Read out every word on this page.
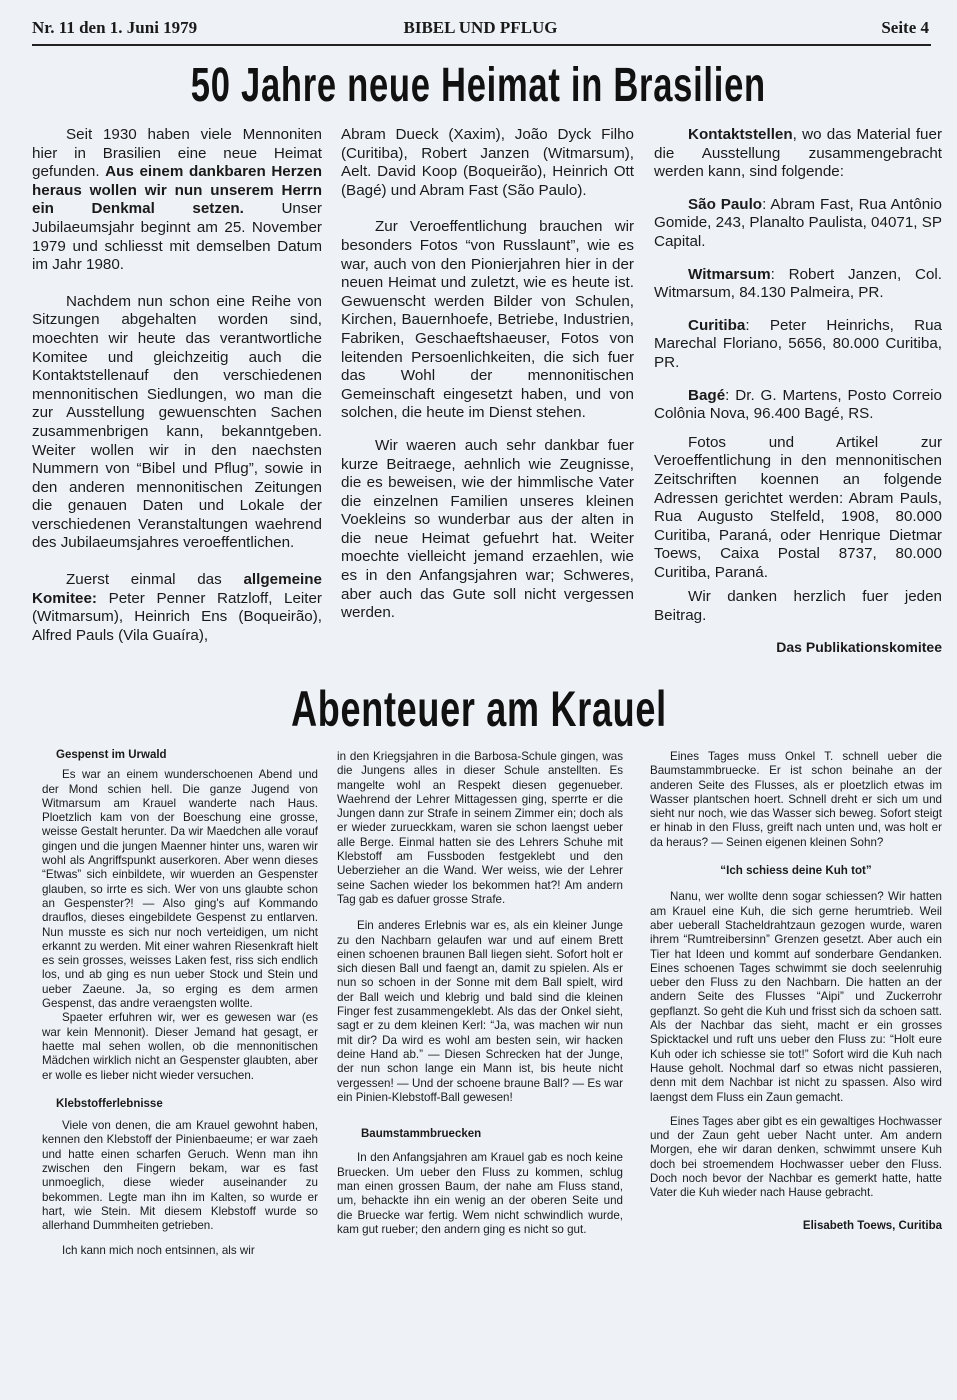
Nr. 11 den 1. Juni 1979	BIBEL UND PFLUG	Seite 4
50 Jahre neue Heimat in Brasilien

Seit 1930 haben viele Mennoniten hier in Brasilien eine neue Heimat gefunden. Aus einem dankbaren Herzen heraus wollen wir nun unserem Herrn ein Denkmal setzen. Unser Jubilaeumsjahr beginnt am 25. November 1979 und schliesst mit demselben Datum im Jahr 1980.

Nachdem nun schon eine Reihe von Sitzungen abgehalten worden sind, moechten wir heute das verantwortliche Komitee und gleichzeitig auch die Kontaktstellenauf den verschiedenen mennonitischen Siedlungen, wo man die zur Ausstellung gewuenschten Sachen zusammenbrigen kann, bekanntgeben. Weiter wollen wir in den naechsten Nummern von “Bibel und Pflug”, sowie in den anderen mennonitischen Zeitungen die genauen Daten und Lokale der verschiedenen Veranstaltungen waehrend des Jubilaeumsjahres veroeffentlichen.

Zuerst einmal das allgemeine Komitee: Peter Penner Ratzloff, Leiter (Witmarsum), Heinrich Ens (Boqueirão), Alfred Pauls (Vila Guaíra),

Abram Dueck (Xaxim), João Dyck Filho (Curitiba), Robert Janzen (Witmarsum), Aelt. David Koop (Boqueirão), Heinrich Ott (Bagé) und Abram Fast (São Paulo).

Zur Veroeffentlichung brauchen wir besonders Fotos “von Russlaunt”, wie es war, auch von den Pionierjahren hier in der neuen Heimat und zuletzt, wie es heute ist. Gewuenscht werden Bilder von Schulen, Kirchen, Bauernhoefe, Betriebe, Industrien, Fabriken, Geschaeftshaeuser, Fotos von leitenden Persoenlichkeiten, die sich fuer das Wohl der mennonitischen Gemeinschaft eingesetzt haben, und von solchen, die heute im Dienst stehen.

Wir waeren auch sehr dankbar fuer kurze Beitraege, aehnlich wie Zeugnisse, die es beweisen, wie der himmlische Vater die einzelnen Familien unseres kleinen Voekleins so wunderbar aus der alten in die neue Heimat gefuehrt hat. Weiter moechte vielleicht jemand erzaehlen, wie es in den Anfangsjahren war; Schweres, aber auch das Gute soll nicht vergessen werden.

Kontaktstellen, wo das Material fuer die Ausstellung zusammengebracht werden kann, sind folgende:

São Paulo: Abram Fast, Rua Antônio Gomide, 243, Planalto Paulista, 04071, SP Capital.

Witmarsum: Robert Janzen, Col. Witmarsum, 84.130 Palmeira, PR.

Curitiba: Peter Heinrichs, Rua Marechal Floriano, 5656, 80.000 Curitiba, PR.

Bagé: Dr. G. Martens, Posto Correio Colônia Nova, 96.400 Bagé, RS.

Fotos und Artikel zur Veroeffentlichung in den mennonitischen Zeitschriften koennen an folgende Adressen gerichtet werden: Abram Pauls, Rua Augusto Stelfeld, 1908, 80.000 Curitiba, Paraná, oder Henrique Dietmar Toews, Caixa Postal 8737, 80.000 Curitiba, Paraná.

Wir danken herzlich fuer jeden Beitrag.

Das Publikationskomitee

Abenteuer am Krauel

Gespenst im Urwald

Es war an einem wunderschoenen Abend und der Mond schien hell. Die ganze Jugend von Witmarsum am Krauel wanderte nach Haus. Ploetzlich kam von der Boeschung eine grosse, weisse Gestalt herunter. Da wir Maedchen alle vorauf gingen und die jungen Maenner hinter uns, waren wir wohl als Angriffspunkt auserkoren. Aber wenn dieses “Etwas” sich einbildete, wir wuerden an Gespenster glauben, so irrte es sich. Wer von uns glaubte schon an Gespenster?! — Also ging's auf Kommando drauflos, dieses eingebildete Gespenst zu entlarven. Nun musste es sich nur noch verteidigen, um nicht erkannt zu werden. Mit einer wahren Riesenkraft hielt es sein grosses, weisses Laken fest, riss sich endlich los, und ab ging es nun ueber Stock und Stein und ueber Zaeune. Ja, so erging es dem armen Gespenst, das andre veraengsten wollte.

Spaeter erfuhren wir, wer es gewesen war (es war kein Mennonit). Dieser Jemand hat gesagt, er haette mal sehen wollen, ob die mennonitischen Mädchen wirklich nicht an Gespenster glaubten, aber er wolle es lieber nicht wieder versuchen.

Klebstofferlebnisse

Viele von denen, die am Krauel gewohnt haben, kennen den Klebstoff der Pinienbaeume; er war zaeh und hatte einen scharfen Geruch. Wenn man ihn zwischen den Fingern bekam, war es fast unmoeglich, diese wieder auseinander zu bekommen. Legte man ihn im Kalten, so wurde er hart, wie Stein. Mit diesem Klebstoff wurde so allerhand Dummheiten getrieben.

Ich kann mich noch entsinnen, als wir

in den Kriegsjahren in die Barbosa-Schule gingen, was die Jungens alles in dieser Schule anstellten. Es mangelte wohl an Respekt diesen gegenueber. Waehrend der Lehrer Mittagessen ging, sperrte er die Jungen dann zur Strafe in seinem Zimmer ein; doch als er wieder zurueckkam, waren sie schon laengst ueber alle Berge. Einmal hatten sie des Lehrers Schuhe mit Klebstoff am Fussboden festgeklebt und den Ueberzieher an die Wand. Wer weiss, wie der Lehrer seine Sachen wieder los bekommen hat?! Am andern Tag gab es dafuer grosse Strafe.

Ein anderes Erlebnis war es, als ein kleiner Junge zu den Nachbarn gelaufen war und auf einem Brett einen schoenen braunen Ball liegen sieht. Sofort holt er sich diesen Ball und faengt an, damit zu spielen. Als er nun so schoen in der Sonne mit dem Ball spielt, wird der Ball weich und klebrig und bald sind die kleinen Finger fest zusammengeklebt. Als das der Onkel sieht, sagt er zu dem kleinen Kerl: “Ja, was machen wir nun mit dir? Da wird es wohl am besten sein, wir hacken deine Hand ab.” — Diesen Schrecken hat der Junge, der nun schon lange ein Mann ist, bis heute nicht vergessen! — Und der schoene braune Ball? — Es war ein Pinien-Klebstoff-Ball gewesen!

Baumstammbruecken

In den Anfangsjahren am Krauel gab es noch keine Bruecken. Um ueber den Fluss zu kommen, schlug man einen grossen Baum, der nahe am Fluss stand, um, behackte ihn ein wenig an der oberen Seite und die Bruecke war fertig. Wem nicht schwindlich wurde, kam gut rueber; den andern ging es nicht so gut.

Eines Tages muss Onkel T. schnell ueber die Baumstammbruecke. Er ist schon beinahe an der anderen Seite des Flusses, als er ploetzlich etwas im Wasser plantschen hoert. Schnell dreht er sich um und sieht nur noch, wie das Wasser sich beweg. Sofort steigt er hinab in den Fluss, greift nach unten und, was holt er da heraus? — Seinen eigenen kleinen Sohn?

“Ich schiess deine Kuh tot”

Nanu, wer wollte denn sogar schiessen? Wir hatten am Krauel eine Kuh, die sich gerne herumtrieb. Weil aber ueberall Stacheldrahtzaun gezogen wurde, waren ihrem “Rumtreibersinn” Grenzen gesetzt. Aber auch ein Tier hat Ideen und kommt auf sonderbare Gendanken. Eines schoenen Tages schwimmt sie doch seelenruhig ueber den Fluss zu den Nachbarn. Die hatten an der andern Seite des Flusses “Aipi” und Zuckerrohr gepflanzt. So geht die Kuh und frisst sich da schoen satt. Als der Nachbar das sieht, macht er ein grosses Spicktackel und ruft uns ueber den Fluss zu: “Holt eure Kuh oder ich schiesse sie tot!” Sofort wird die Kuh nach Hause geholt. Nochmal darf so etwas nicht passieren, denn mit dem Nachbar ist nicht zu spassen. Also wird laengst dem Fluss ein Zaun gemacht.

Eines Tages aber gibt es ein gewaltiges Hochwasser und der Zaun geht ueber Nacht unter. Am andern Morgen, ehe wir daran denken, schwimmt unsere Kuh doch bei stroemendem Hochwasser ueber den Fluss. Doch noch bevor der Nachbar es gemerkt hatte, hatte Vater die Kuh wieder nach Hause gebracht.

Elisabeth Toews, Curitiba
